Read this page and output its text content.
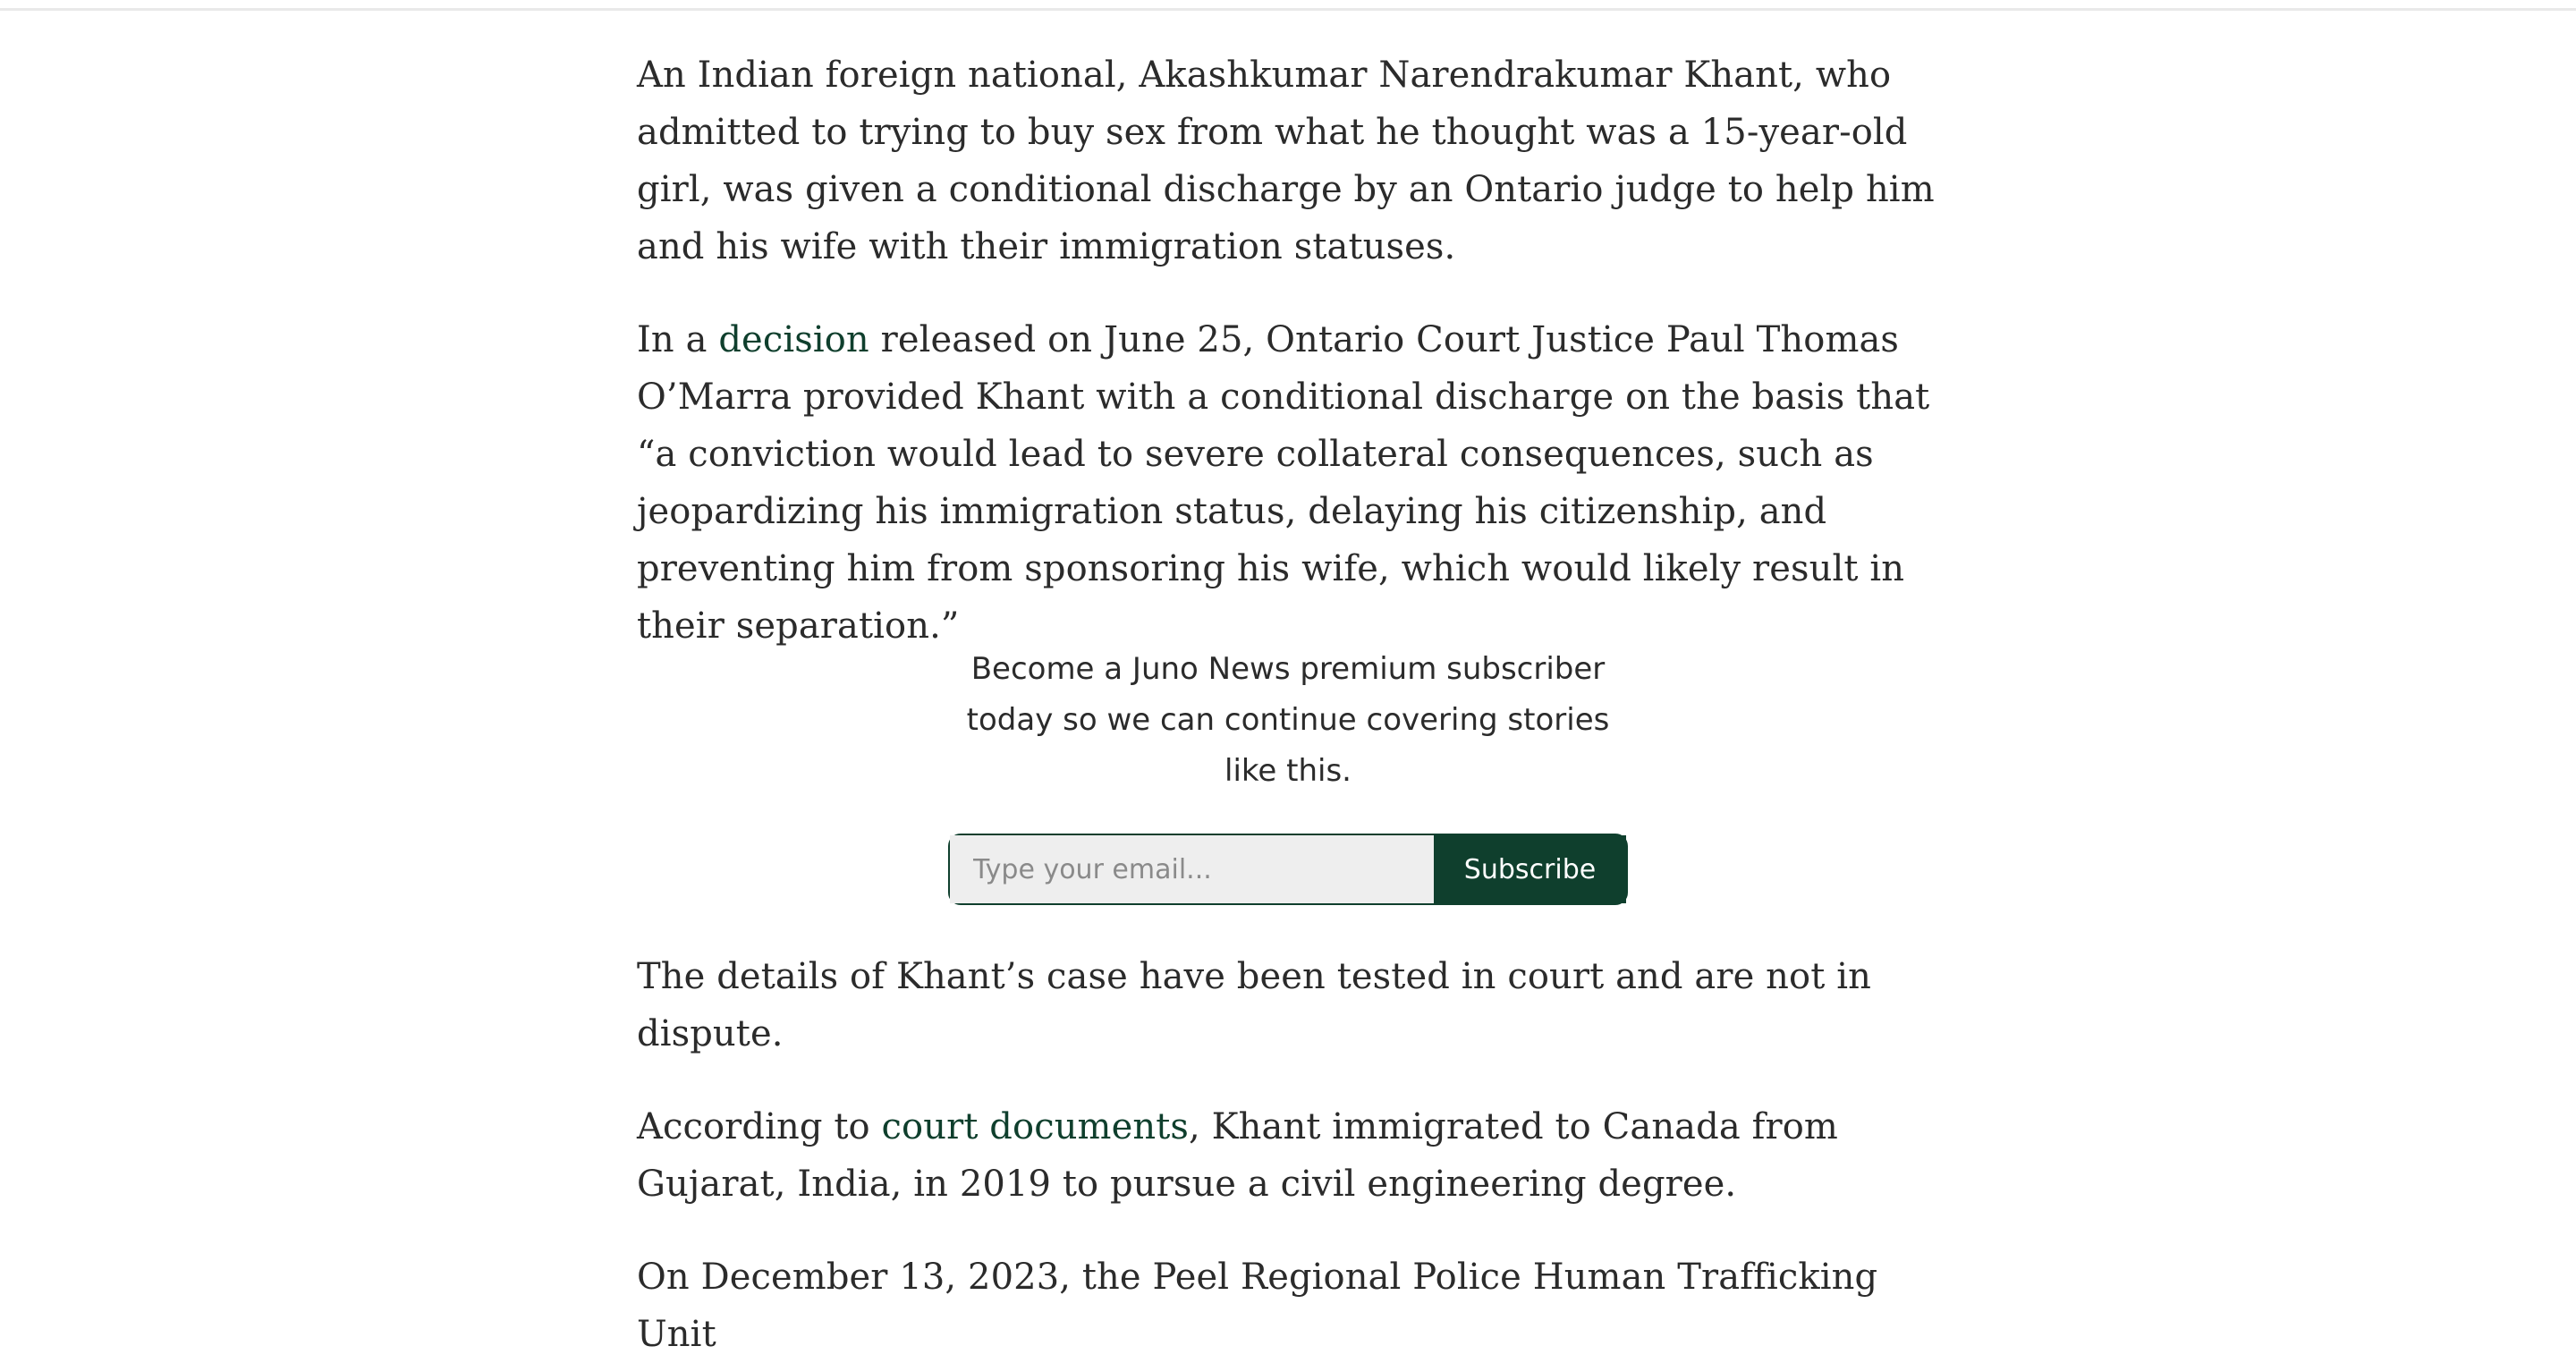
An Indian foreign national, Akashkumar Narendrakumar Khant, who admitted to trying to buy sex from what he thought was a 15-year-old girl, was given a conditional discharge by an Ontario judge to help him and his wife with their immigration statuses.

In a decision released on June 25, Ontario Court Justice Paul Thomas O’Marra provided Khant with a conditional discharge on the basis that “a conviction would lead to severe collateral consequences, such as jeopardizing his immigration status, delaying his citizenship, and preventing him from sponsoring his wife, which would likely result in their separation.”

Become a Juno News premium subscriber today so we can continue covering stories like this.

Type your email...
Subscribe

The details of Khant’s case have been tested in court and are not in dispute.

According to court documents, Khant immigrated to Canada from Gujarat, India, in 2019 to pursue a civil engineering degree.

On December 13, 2023, the Peel Regional Police Human Trafficking Unit
